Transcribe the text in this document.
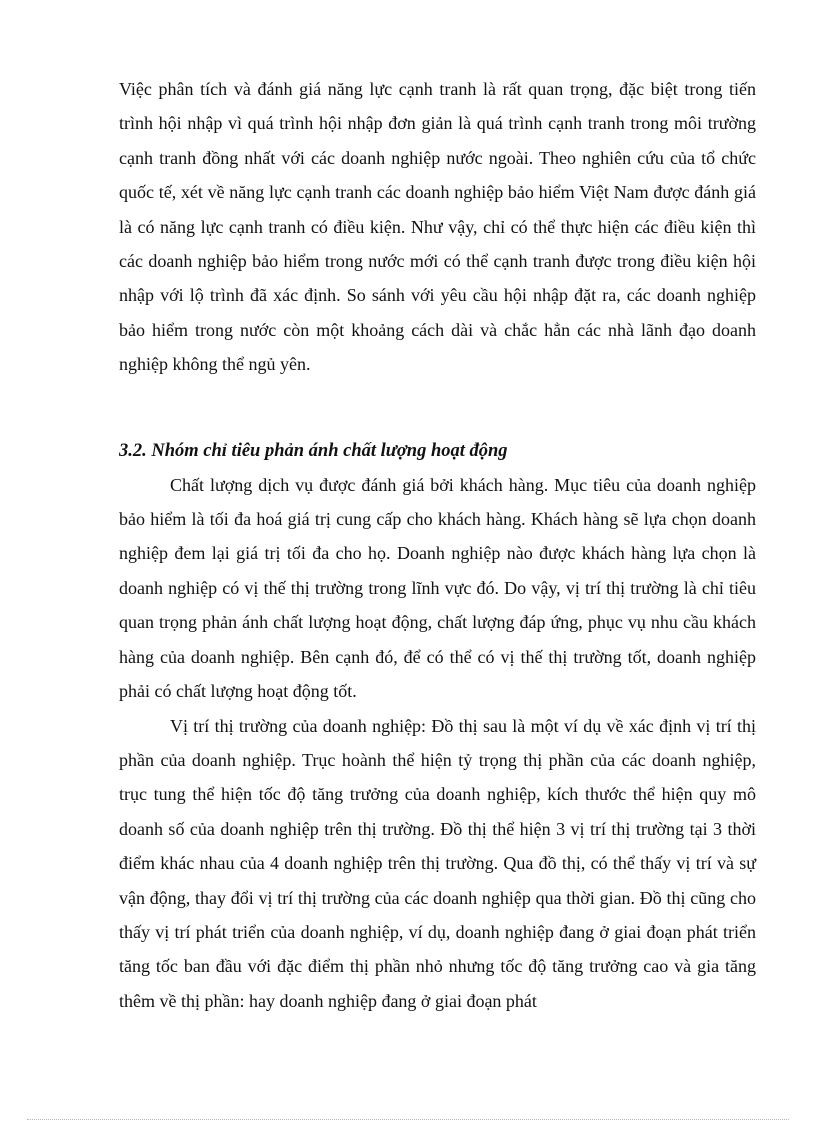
Việc phân tích và đánh giá năng lực cạnh tranh là rất quan trọng, đặc biệt trong tiến trình hội nhập vì quá trình hội nhập đơn giản là quá trình cạnh tranh trong môi trường cạnh tranh đồng nhất với các doanh nghiệp nước ngoài. Theo nghiên cứu của tổ chức quốc tế, xét về năng lực cạnh tranh các doanh nghiệp bảo hiểm Việt Nam được đánh giá là có năng lực cạnh tranh có điều kiện. Như vậy, chỉ có thể thực hiện các điều kiện thì các doanh nghiệp bảo hiểm trong nước mới có thể cạnh tranh được trong điều kiện hội nhập với lộ trình đã xác định. So sánh với yêu cầu hội nhập đặt ra, các doanh nghiệp bảo hiểm trong nước còn một khoảng cách dài và chắc hẳn các nhà lãnh đạo doanh nghiệp không thể ngủ yên.

3.2. Nhóm chỉ tiêu phản ánh chất lượng hoạt động

Chất lượng dịch vụ được đánh giá bởi khách hàng. Mục tiêu của doanh nghiệp bảo hiểm là tối đa hoá giá trị cung cấp cho khách hàng. Khách hàng sẽ lựa chọn doanh nghiệp đem lại giá trị tối đa cho họ. Doanh nghiệp nào được khách hàng lựa chọn là doanh nghiệp có vị thế thị trường trong lĩnh vực đó. Do vậy, vị trí thị trường là chỉ tiêu quan trọng phản ánh chất lượng hoạt động, chất lượng đáp ứng, phục vụ nhu cầu khách hàng của doanh nghiệp. Bên cạnh đó, để có thể có vị thế thị trường tốt, doanh nghiệp phải có chất lượng hoạt động tốt.

Vị trí thị trường của doanh nghiệp: Đồ thị sau là một ví dụ về xác định vị trí thị phần của doanh nghiệp. Trục hoành thể hiện tỷ trọng thị phần của các doanh nghiệp, trục tung thể hiện tốc độ tăng trưởng của doanh nghiệp, kích thước thể hiện quy mô doanh số của doanh nghiệp trên thị trường. Đồ thị thể hiện 3 vị trí thị trường tại 3 thời điểm khác nhau của 4 doanh nghiệp trên thị trường. Qua đồ thị, có thể thấy vị trí và sự vận động, thay đổi vị trí thị trường của các doanh nghiệp qua thời gian. Đồ thị cũng cho thấy vị trí phát triển của doanh nghiệp, ví dụ, doanh nghiệp đang ở giai đoạn phát triển tăng tốc ban đầu với đặc điểm thị phần nhỏ nhưng tốc độ tăng trưởng cao và gia tăng thêm về thị phần: hay doanh nghiệp đang ở giai đoạn phát
